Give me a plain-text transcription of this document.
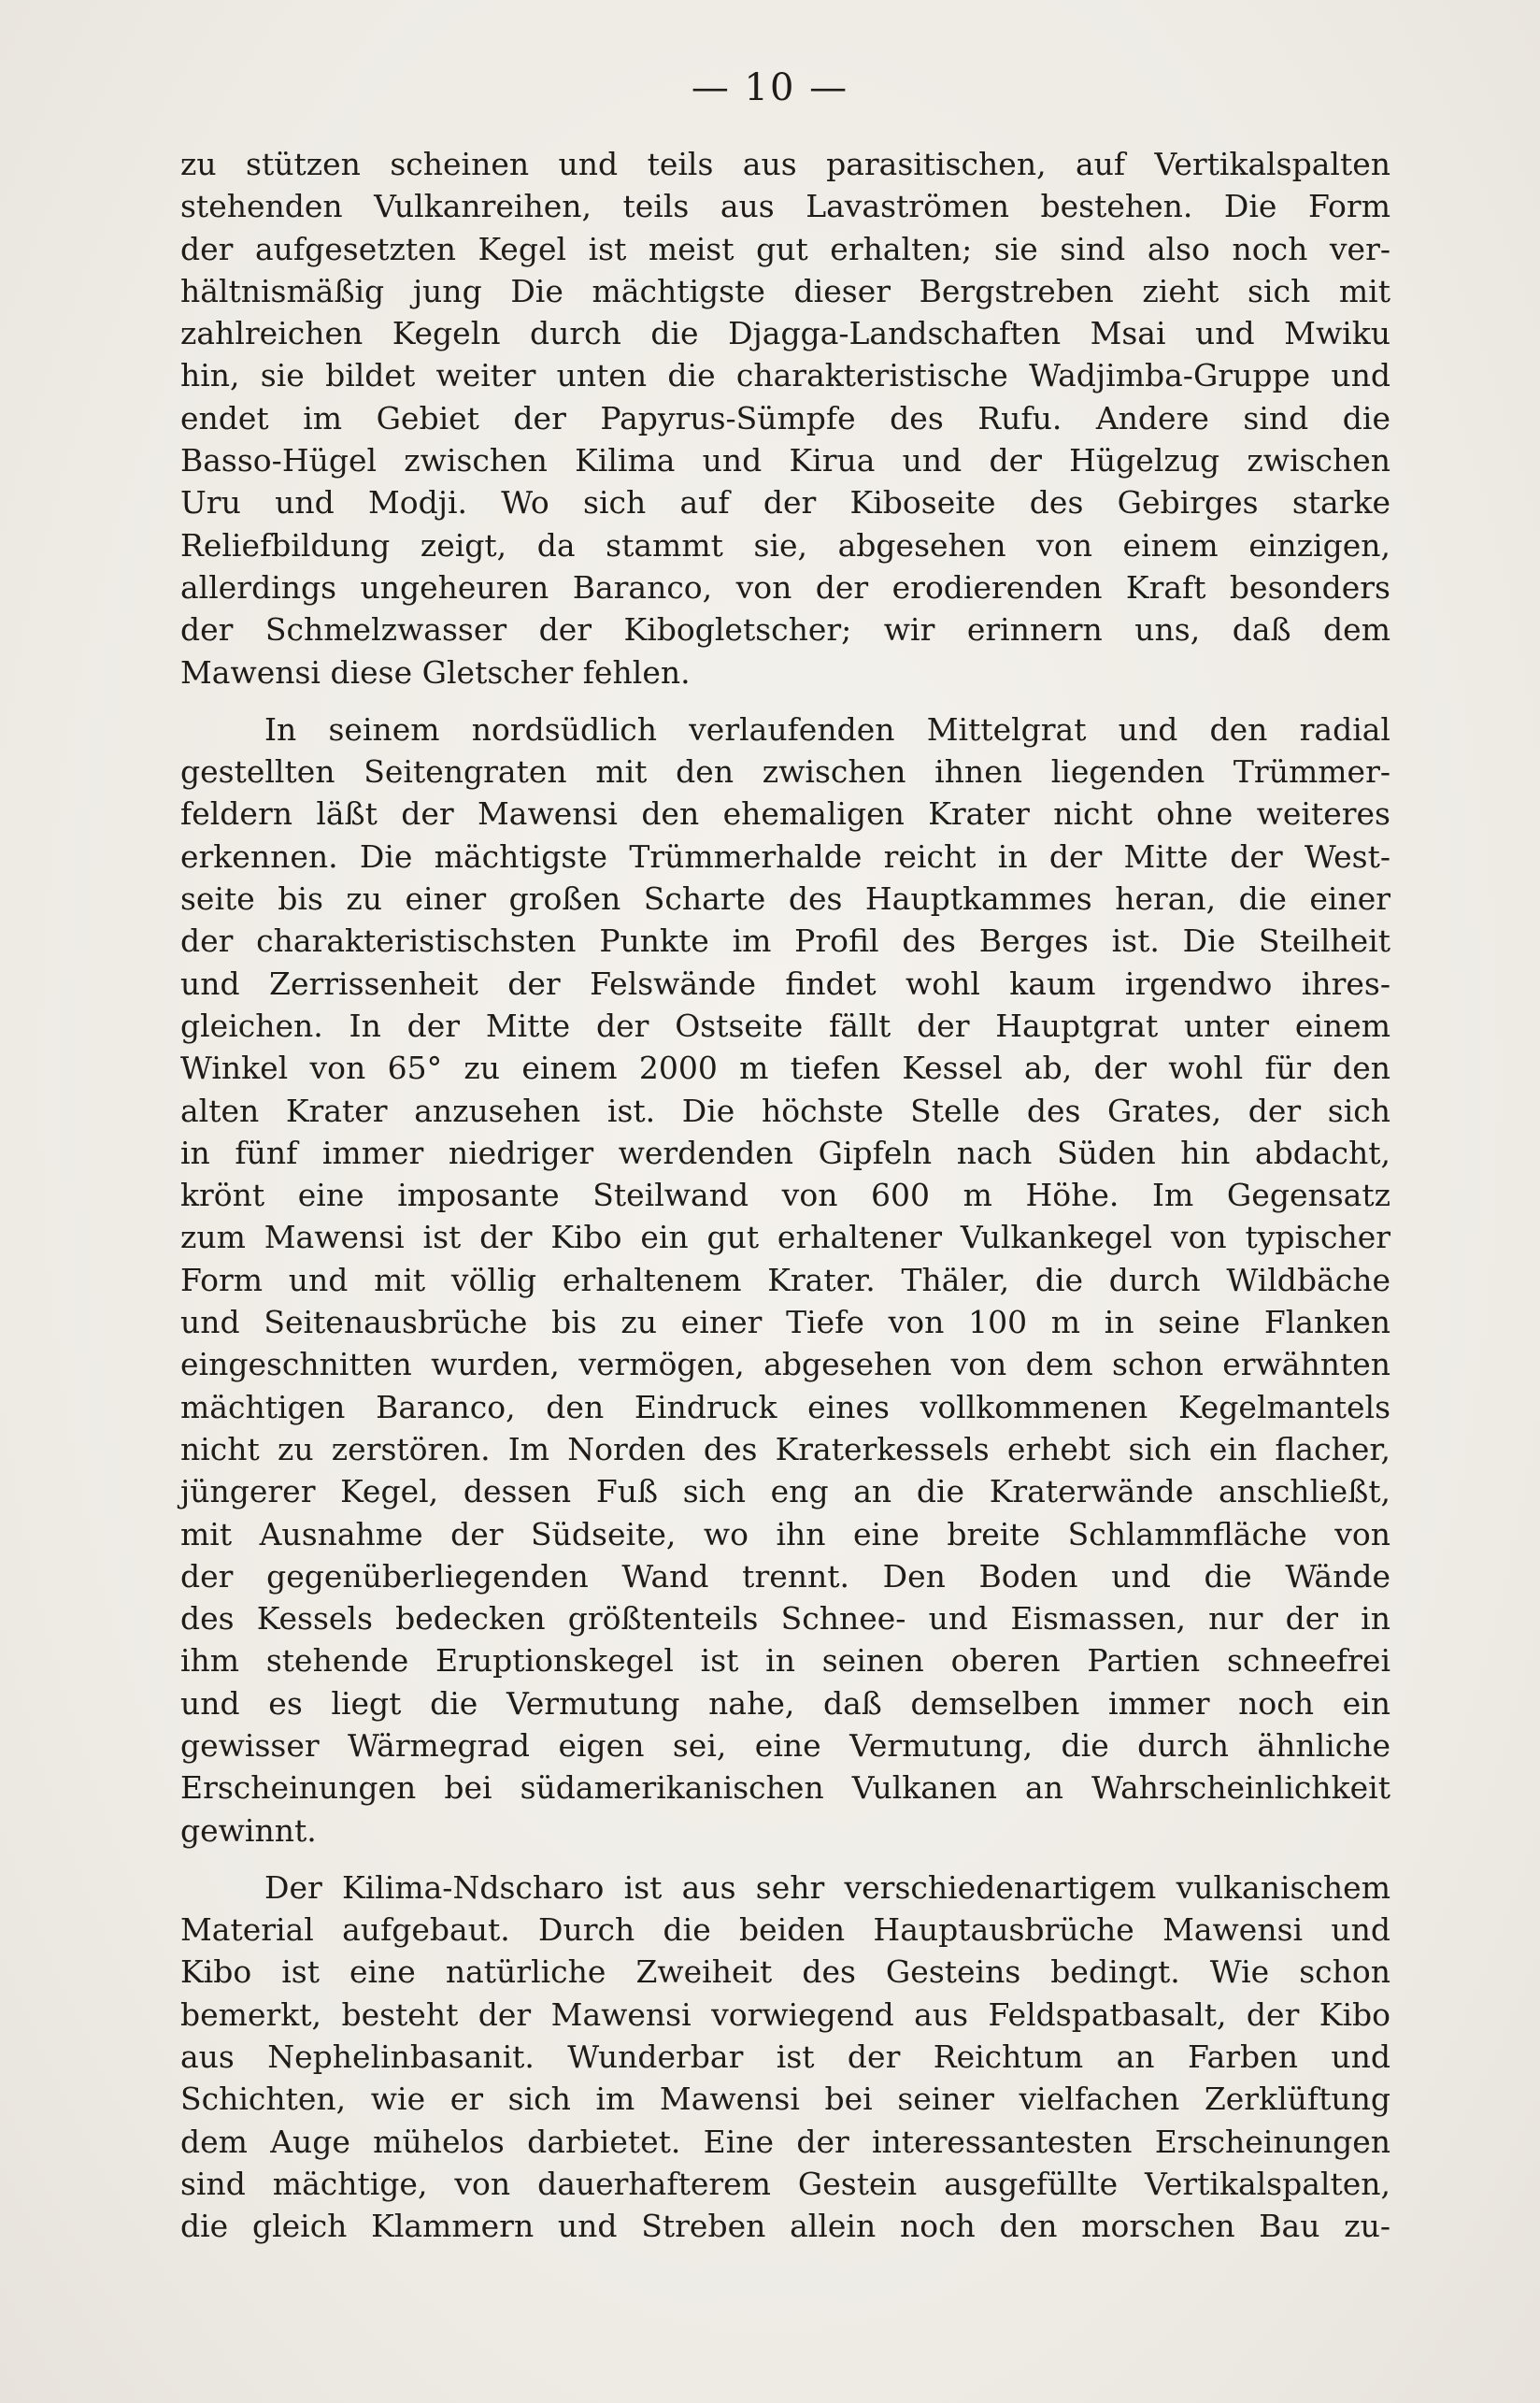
— 10 —
zu stützen scheinen und teils aus parasitischen, auf Vertikalspalten
stehenden Vulkanreihen, teils aus Lavaströmen bestehen. Die Form
der aufgesetzten Kegel ist meist gut erhalten; sie sind also noch ver-
hältnismäßig jung Die mächtigste dieser Bergstreben zieht sich mit
zahlreichen Kegeln durch die Djagga-Landschaften Msai und Mwiku
hin, sie bildet weiter unten die charakteristische Wadjimba-Gruppe und
endet im Gebiet der Papyrus-Sümpfe des Rufu. Andere sind die
Basso-Hügel zwischen Kilima und Kirua und der Hügelzug zwischen
Uru und Modji. Wo sich auf der Kiboseite des Gebirges starke
Reliefbildung zeigt, da stammt sie, abgesehen von einem einzigen,
allerdings ungeheuren Baranco, von der erodierenden Kraft besonders
der Schmelzwasser der Kibogletscher; wir erinnern uns, daß dem
Mawensi diese Gletscher fehlen.
In seinem nordsüdlich verlaufenden Mittelgrat und den radial
gestellten Seitengraten mit den zwischen ihnen liegenden Trümmer-
feldern läßt der Mawensi den ehemaligen Krater nicht ohne weiteres
erkennen. Die mächtigste Trümmerhalde reicht in der Mitte der West-
seite bis zu einer großen Scharte des Hauptkammes heran, die einer
der charakteristischsten Punkte im Profil des Berges ist. Die Steilheit
und Zerrissenheit der Felswände findet wohl kaum irgendwo ihres-
gleichen. In der Mitte der Ostseite fällt der Hauptgrat unter einem
Winkel von 65° zu einem 2000 m tiefen Kessel ab, der wohl für den
alten Krater anzusehen ist. Die höchste Stelle des Grates, der sich
in fünf immer niedriger werdenden Gipfeln nach Süden hin abdacht,
krönt eine imposante Steilwand von 600 m Höhe. Im Gegensatz
zum Mawensi ist der Kibo ein gut erhaltener Vulkankegel von typischer
Form und mit völlig erhaltenem Krater. Thäler, die durch Wildbäche
und Seitenausbrüche bis zu einer Tiefe von 100 m in seine Flanken
eingeschnitten wurden, vermögen, abgesehen von dem schon erwähnten
mächtigen Baranco, den Eindruck eines vollkommenen Kegelmantels
nicht zu zerstören. Im Norden des Kraterkessels erhebt sich ein flacher,
jüngerer Kegel, dessen Fuß sich eng an die Kraterwände anschließt,
mit Ausnahme der Südseite, wo ihn eine breite Schlammfläche von
der gegenüberliegenden Wand trennt. Den Boden und die Wände
des Kessels bedecken größtenteils Schnee- und Eismassen, nur der in
ihm stehende Eruptionskegel ist in seinen oberen Partien schneefrei
und es liegt die Vermutung nahe, daß demselben immer noch ein
gewisser Wärmegrad eigen sei, eine Vermutung, die durch ähnliche
Erscheinungen bei südamerikanischen Vulkanen an Wahrscheinlichkeit
gewinnt.
Der Kilima-Ndscharo ist aus sehr verschiedenartigem vulkanischem
Material aufgebaut. Durch die beiden Hauptausbrüche Mawensi und
Kibo ist eine natürliche Zweiheit des Gesteins bedingt. Wie schon
bemerkt, besteht der Mawensi vorwiegend aus Feldspatbasalt, der Kibo
aus Nephelinbasanit. Wunderbar ist der Reichtum an Farben und
Schichten, wie er sich im Mawensi bei seiner vielfachen Zerklüftung
dem Auge mühelos darbietet. Eine der interessantesten Erscheinungen
sind mächtige, von dauerhafterem Gestein ausgefüllte Vertikalspalten,
die gleich Klammern und Streben allein noch den morschen Bau zu-
